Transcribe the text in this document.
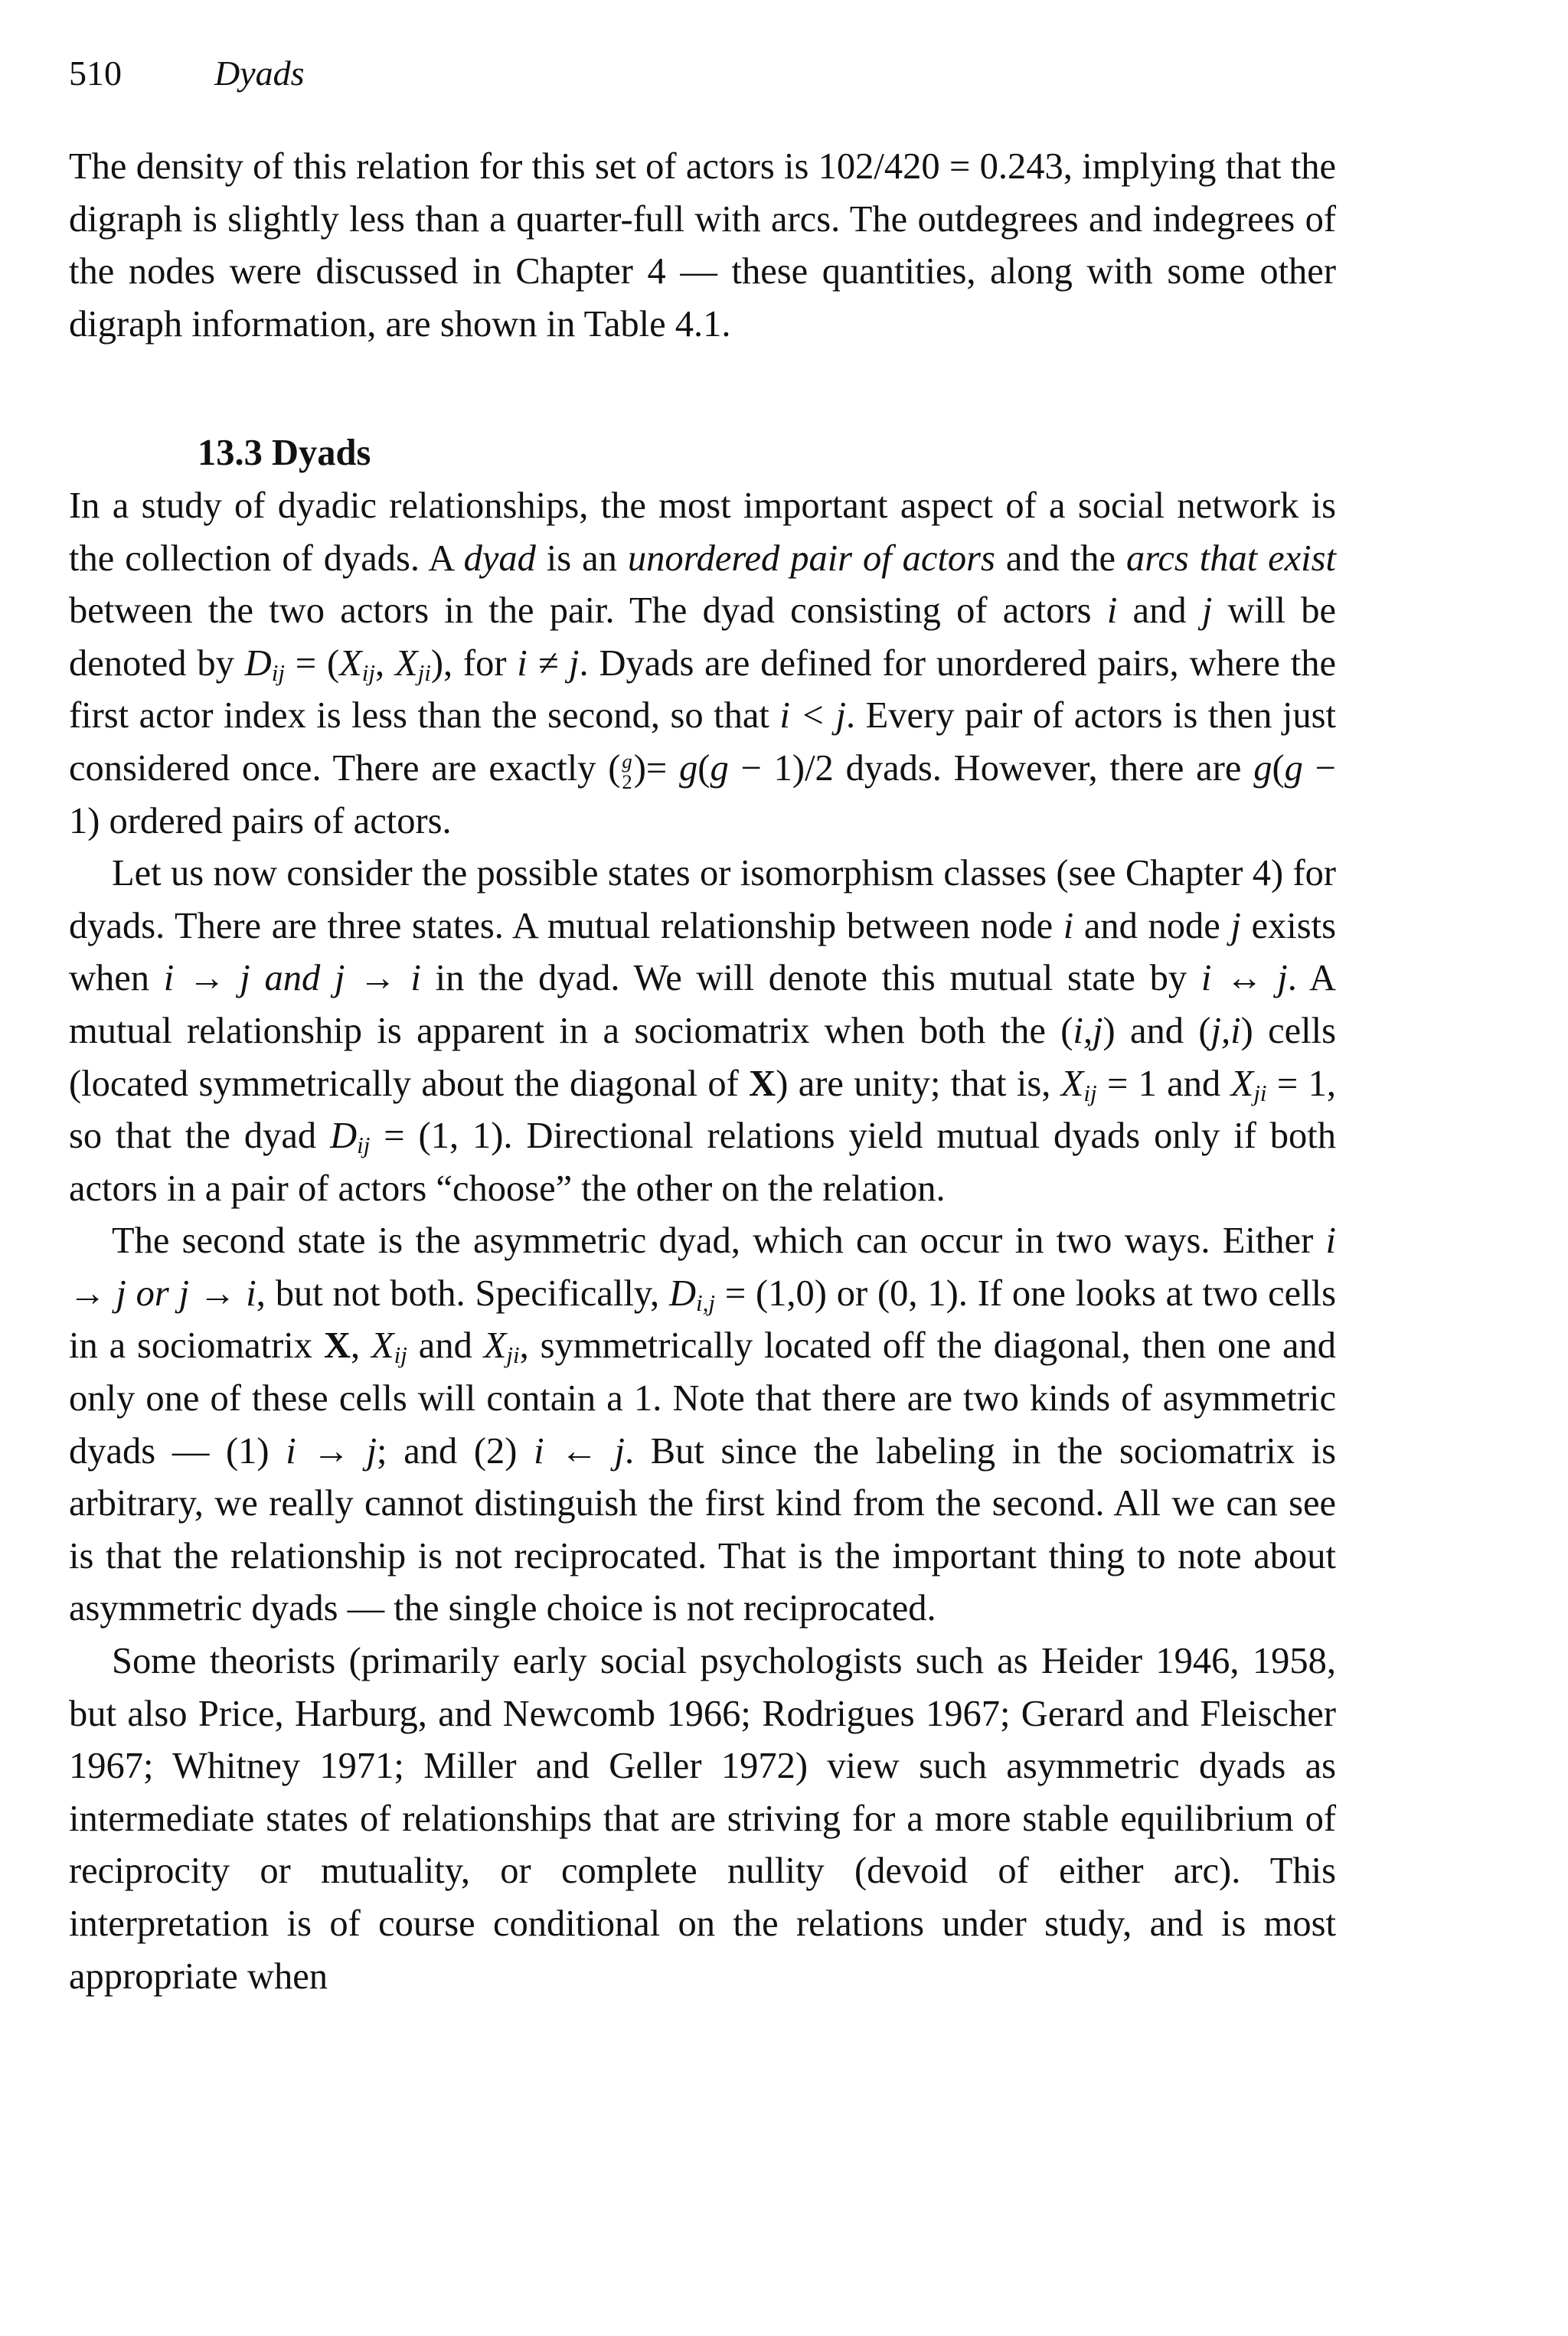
510	Dyads

The density of this relation for this set of actors is 102/420 = 0.243, implying that the digraph is slightly less than a quarter-full with arcs. The outdegrees and indegrees of the nodes were discussed in Chapter 4 — these quantities, along with some other digraph information, are shown in Table 4.1.

13.3 Dyads

In a study of dyadic relationships, the most important aspect of a social network is the collection of dyads. A dyad is an unordered pair of actors and the arcs that exist between the two actors in the pair. The dyad consisting of actors i and j will be denoted by $D_{ij} = (X_{ij}$, $X_{ji}$), for i ≠ j. Dyads are defined for unordered pairs, where the first actor index is less than the second, so that i < j. Every pair of actors is then just considered once. There are exactly ( g
2 )= g(g − 1)/2 dyads. However, there are g(g − 1) ordered pairs of actors.

Let us now consider the possible states or isomorphism classes (see Chapter 4) for dyads. There are three states. A mutual relationship between node i and node j exists when i → j and j → i in the dyad. We will denote this mutual state by i ↔ j. A mutual relationship is apparent in a sociomatrix when both the (i,j) and (j,i) cells (located symmetrically about the diagonal of X) are unity; that is, $X_{ij} = 1$ and $X_{ji} = 1$, so that the dyad $D_{ij} = (1$, 1). Directional relations yield mutual dyads only if both actors in a pair of actors “choose” the other on the relation.

The second state is the asymmetric dyad, which can occur in two ways. Either i → j or j → i, but not both. Specifically, $D_{i,j} = (1,0)$ or (0, 1). If one looks at two cells in a sociomatrix X, $X_{ij}$ and $X_{ji}$, symmetrically located off the diagonal, then one and only one of these cells will contain a 1. Note that there are two kinds of asymmetric dyads — (1) i → j; and (2) i ← j. But since the labeling in the sociomatrix is arbitrary, we really cannot distinguish the first kind from the second. All we can see is that the relationship is not reciprocated. That is the important thing to note about asymmetric dyads — the single choice is not reciprocated.

Some theorists (primarily early social psychologists such as Heider 1946, 1958, but also Price, Harburg, and Newcomb 1966; Rodrigues 1967; Gerard and Fleischer 1967; Whitney 1971; Miller and Geller 1972) view such asymmetric dyads as intermediate states of relationships that are striving for a more stable equilibrium of reciprocity or mutuality, or complete nullity (devoid of either arc). This interpretation is of course conditional on the relations under study, and is most appropriate when
